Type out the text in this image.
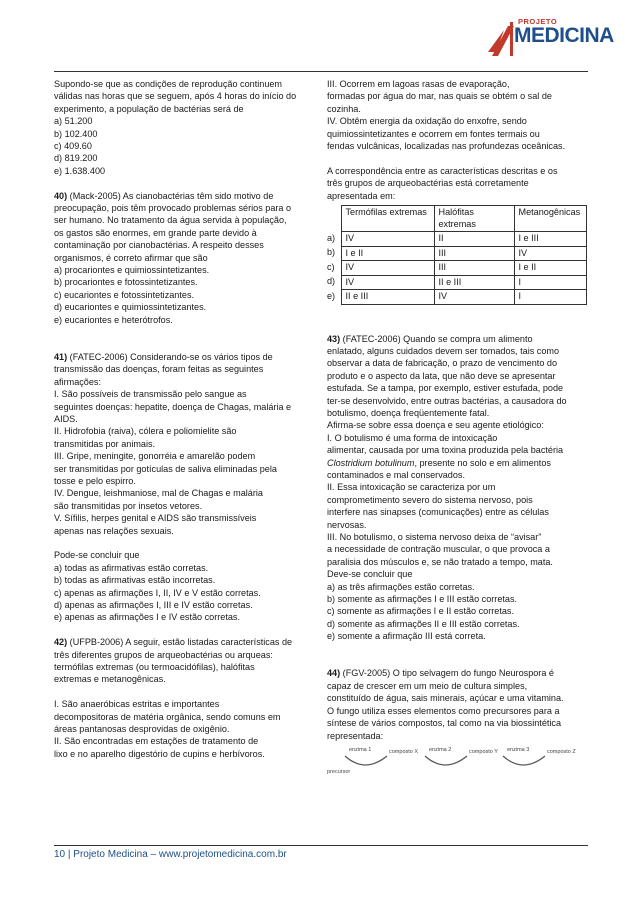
PROJETO
MEDICINA

Supondo-se que as condições de reprodução continuem

válidas nas horas que se seguem, após 4 horas do início do

experimento, a população de bactérias será de

a) 51.200

b) 102.400

c) 409.60

d) 819.200

e) 1.638.400

40) (Mack-2005) As cianobactérias têm sido motivo de

preocupação, pois têm provocado problemas sérios para o

ser humano. No tratamento da água servida à população,

os gastos são enormes, em grande parte devido à

contaminação por cianobactérias. A respeito desses

organismos, é correto afirmar que são

a) procariontes e quimiossintetizantes.

b) procariontes e fotossintetizantes.

c) eucariontes e fotossintetizantes.

d) eucariontes e quimiossintetizantes.

e) eucariontes e heterótrofos.

41) (FATEC-2006) Considerando-se os vários tipos de

transmissão das doenças, foram feitas as seguintes

afirmações:

I. São possíveis de transmissão pelo sangue as

seguintes doenças: hepatite, doença de Chagas, malária e

AIDS.

II. Hidrofobia (raiva), cólera e poliomielite são

transmitidas por animais.

III. Gripe, meningite, gonorréia e amarelão podem

ser transmitidas por gotículas de saliva eliminadas pela

tosse e pelo espirro.

IV. Dengue, leishmaniose, mal de Chagas e malária

são transmitidas por insetos vetores.

V. Sífilis, herpes genital e AIDS são transmissíveis

apenas nas relações sexuais.

Pode-se concluir que

a) todas as afirmativas estão corretas.

b) todas as afirmativas estão incorretas.

c) apenas as afirmações I, II, IV e V estão corretas.

d) apenas as afirmações I, III e IV estão corretas.

e) apenas as afirmações I e IV estão corretas.

42) (UFPB-2006) A seguir, estão listadas características de

três diferentes grupos de arqueobactérias ou arqueas:

termófilas extremas (ou termoacidófilas), halófitas

extremas e metanogênicas.

I. São anaeróbicas estritas e importantes

decompositoras de matéria orgânica, sendo comuns em

áreas pantanosas desprovidas de oxigênio.

II. São encontradas em estações de tratamento de

lixo e no aparelho digestório de cupins e herbívoros.

III. Ocorrem em lagoas rasas de evaporação,

formadas por água do mar, nas quais se obtém o sal de

cozinha.

IV. Obtêm energia da oxidação do enxofre, sendo

quimiossintetizantes e ocorrem em fontes termais ou

fendas vulcânicas, localizadas nas profundezas oceânicas.

A correspondência entre as características descritas e os

três grupos de arqueobactérias está corretamente

apresentada em:

	Termófilas extremas	Halófitas extremas	Metanogênicas
a)	IV	II	I e III
b)	I e II	III	IV
c)	IV	III	I e II
d)	IV	II e III	I
e)	II e III	IV	I

43) (FATEC-2006) Quando se compra um alimento

enlatado, alguns cuidados devem ser tomados, tais como

observar a data de fabricação, o prazo de vencimento do

produto e o aspecto da lata, que não deve se apresentar

estufada. Se a tampa, por exemplo, estiver estufada, pode

ter-se desenvolvido, entre outras bactérias, a causadora do

botulismo, doença freqüentemente fatal.

Afirma-se sobre essa doença e seu agente etiológico:

I. O botulismo é uma forma de intoxicação

alimentar, causada por uma toxina produzida pela bactéria

Clostridium botulinum, presente no solo e em alimentos

contaminados e mal conservados.

II. Essa intoxicação se caracteriza por um

comprometimento severo do sistema nervoso, pois

interfere nas sinapses (comunicações) entre as células

nervosas.

III. No botulismo, o sistema nervoso deixa de “avisar”

a necessidade de contração muscular, o que provoca a

paralisia dos músculos e, se não tratado a tempo, mata.

Deve-se concluir que

a) as três afirmações estão corretas.

b) somente as afirmações I e III estão corretas.

c) somente as afirmações I e II estão corretas.

d) somente as afirmações II e III estão corretas.

e) somente a afirmação III está correta.

44) (FGV-2005) O tipo selvagem do fungo Neurospora é

capaz de crescer em um meio de cultura simples,

constituído de água, sais minerais, açúcar e uma vitamina.

O fungo utiliza esses elementos como precursores para a

síntese de vários compostos, tal como na via biossintética

representada:

enzima 1	enzima 2	enzima 3
precursor
composto X	composto Y	composto Z
10 | Projeto Medicina – www.projetomedicina.com.br
